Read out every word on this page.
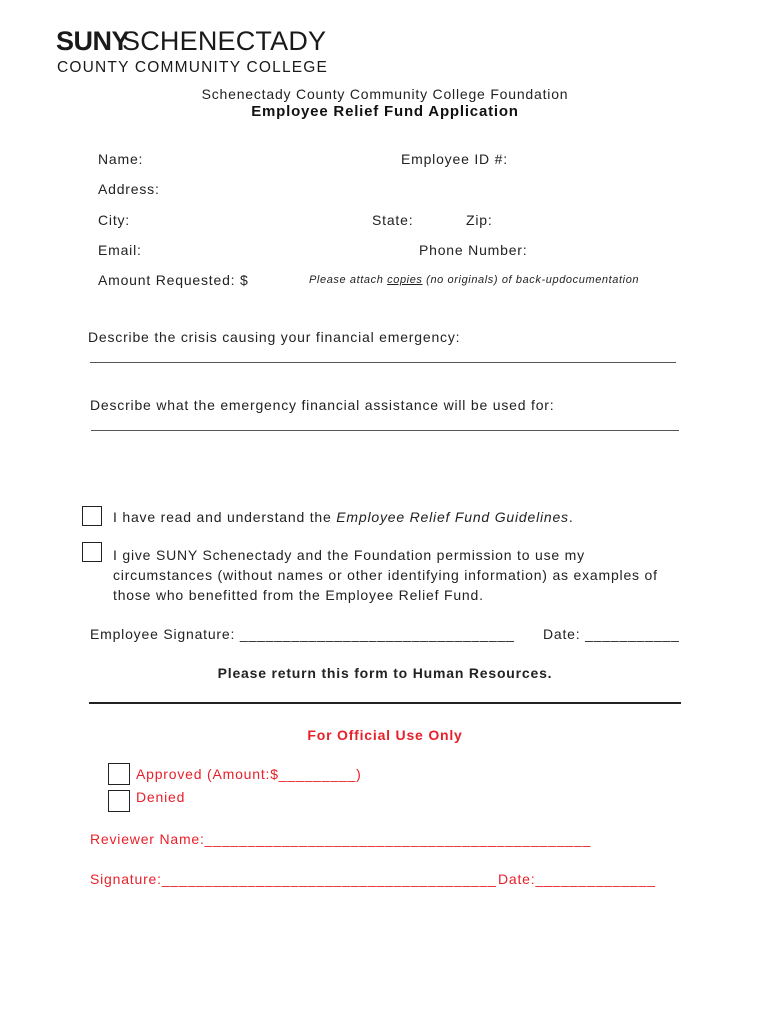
SUNY
SCHENECTADY
COUNTY COMMUNITY COLLEGE
Schenectady County Community College Foundation
Employee Relief Fund Application
Name:	Employee ID #:
Address:
City:	State:	Zip:
Email:	Phone Number:
Amount Requested: $	Please attach copies (no originals) of back-updocumentation
Describe the crisis causing your financial emergency:
Describe what the emergency financial assistance will be used for:
I have read and understand the Employee Relief Fund Guidelines.
I give SUNY Schenectady and the Foundation permission to use my
circumstances (without names or other identifying information) as examples of
those who benefitted from the Employee Relief Fund.
Employee Signature: ________________________________ Date: ___________
Please return this form to Human Resources.
For Official Use Only
Approved (Amount:$_________)
Denied
Reviewer Name:_____________________________________________
Signature:_______________________________________ Date:______________
